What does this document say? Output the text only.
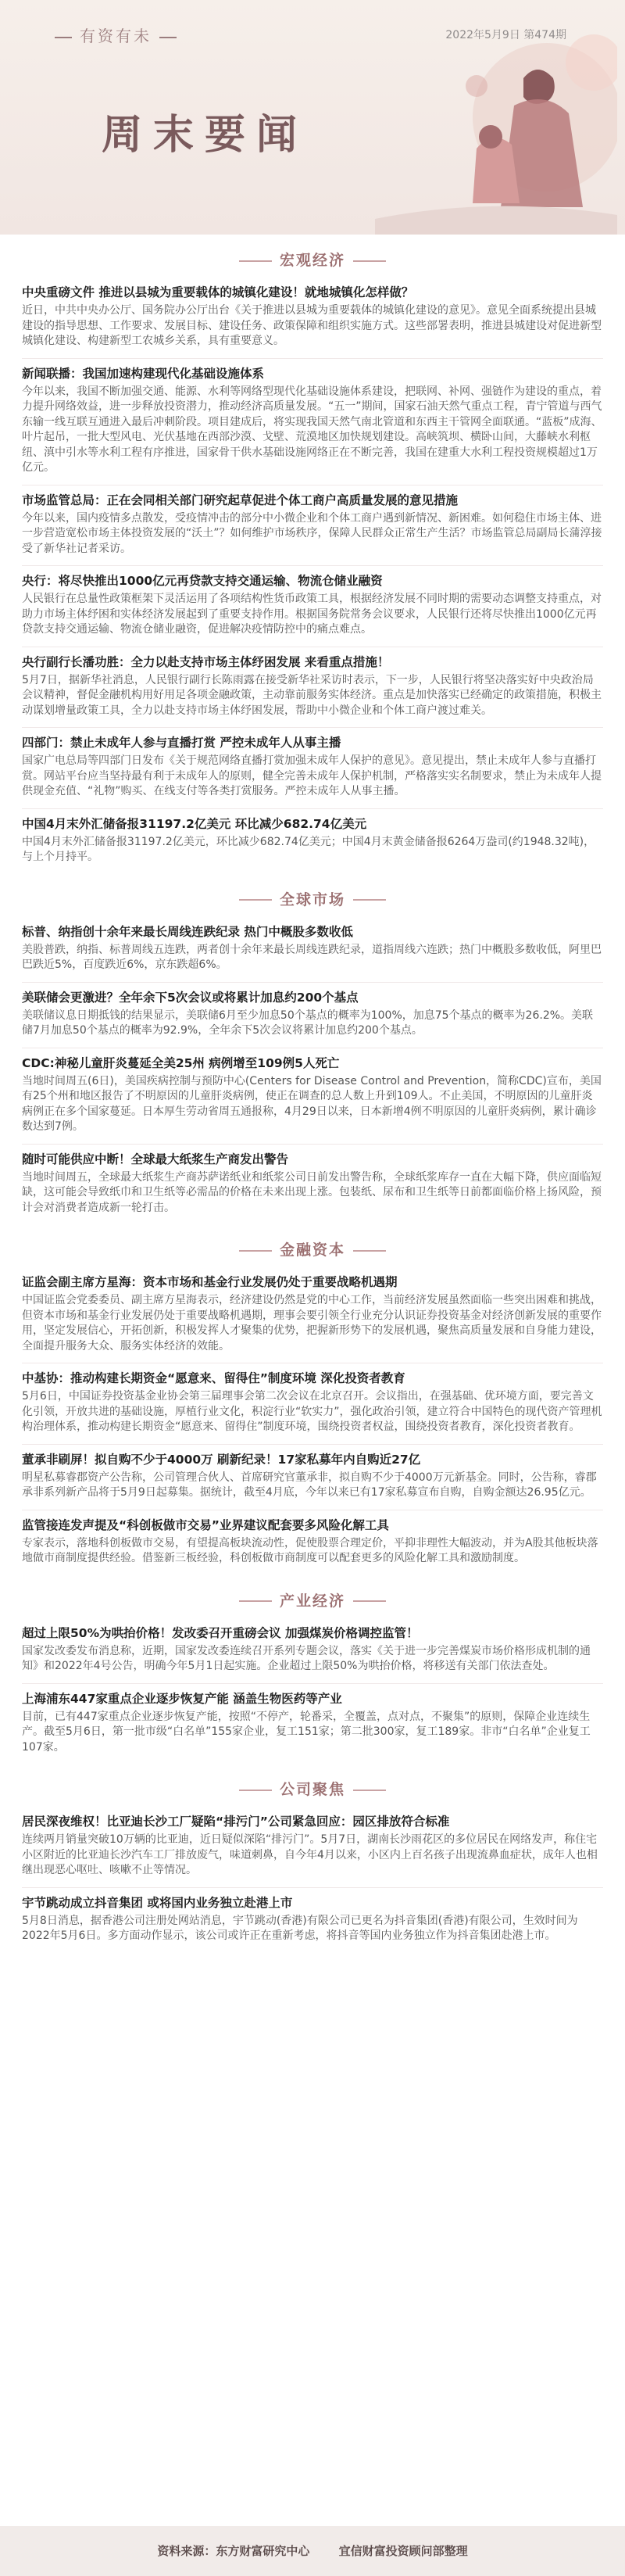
有资有未	2022年5月9日 第474期
周末要闻
宏观经济
中央重磅文件 推进以县城为重要载体的城镇化建设！就地城镇化怎样做？

近日，中共中央办公厅、国务院办公厅出台《关于推进以县城为重要载体的城镇化建设的意见》。意见全面系统提出县城建设的指导思想、工作要求、发展目标、建设任务、政策保障和组织实施方式。这些部署表明，推进县城建设对促进新型城镇化建设、构建新型工农城乡关系，具有重要意义。

新闻联播：我国加速构建现代化基础设施体系

今年以来，我国不断加强交通、能源、水利等网络型现代化基础设施体系建设，把联网、补网、强链作为建设的重点，着力提升网络效益，进一步释放投资潜力，推动经济高质量发展。“五一”期间，国家石油天然气重点工程，青宁管道与西气东输一线互联互通进入最后冲刺阶段。项目建成后，将实现我国天然气南北管道和东西主干管网全面联通。“蓝板”成海、叶片起吊，一批大型风电、光伏基地在西部沙漠、戈壁、荒漠地区加快规划建设。高峡筑坝、横卧山间，大藤峡水利枢纽、滇中引水等水利工程有序推进，国家骨干供水基础设施网络正在不断完善，我国在建重大水利工程投资规模超过1万亿元。

市场监管总局：正在会同相关部门研究起草促进个体工商户高质量发展的意见措施

今年以来，国内疫情多点散发，受疫情冲击的部分中小微企业和个体工商户遇到新情况、新困难。如何稳住市场主体、进一步营造宽松市场主体投资发展的“沃土”？如何维护市场秩序，保障人民群众正常生产生活？市场监管总局副局长蒲淳接受了新华社记者采访。

央行：将尽快推出1000亿元再贷款支持交通运输、物流仓储业融资

人民银行在总量性政策框架下灵活运用了各项结构性货币政策工具，根据经济发展不同时期的需要动态调整支持重点，对助力市场主体纾困和实体经济发展起到了重要支持作用。根据国务院常务会议要求，人民银行还将尽快推出1000亿元再贷款支持交通运输、物流仓储业融资，促进解决疫情防控中的痛点难点。

央行副行长潘功胜：全力以赴支持市场主体纾困发展 来看重点措施！

5月7日，据新华社消息，人民银行副行长陈雨露在接受新华社采访时表示，下一步，人民银行将坚决落实好中央政治局会议精神，督促金融机构用好用足各项金融政策，主动靠前服务实体经济。重点是加快落实已经确定的政策措施，积极主动谋划增量政策工具，全力以赴支持市场主体纾困发展，帮助中小微企业和个体工商户渡过难关。

四部门：禁止未成年人参与直播打赏 严控未成年人从事主播

国家广电总局等四部门日发布《关于规范网络直播打赏加强未成年人保护的意见》。意见提出，禁止未成年人参与直播打赏。网站平台应当坚持最有利于未成年人的原则，健全完善未成年人保护机制，严格落实实名制要求，禁止为未成年人提供现金充值、“礼物”购买、在线支付等各类打赏服务。严控未成年人从事主播。

中国4月末外汇储备报31197.2亿美元 环比减少682.74亿美元

中国4月末外汇储备报31197.2亿美元，环比减少682.74亿美元；中国4月末黄金储备报6264万盎司(约1948.32吨)，与上个月持平。

全球市场
标普、纳指创十余年来最长周线连跌纪录 热门中概股多数收低

美股普跌，纳指、标普周线五连跌，两者创十余年来最长周线连跌纪录，道指周线六连跌；热门中概股多数收低，阿里巴巴跌近5%，百度跌近6%，京东跌超6%。

美联储会更激进？全年余下5次会议或将累计加息约200个基点

美联储议息日期抵钱的结果显示，美联储6月至少加息50个基点的概率为100%，加息75个基点的概率为26.2%。美联储7月加息50个基点的概率为92.9%，全年余下5次会议将累计加息约200个基点。

CDC:神秘儿童肝炎蔓延全美25州 病例增至109例5人死亡

当地时间周五(6日)，美国疾病控制与预防中心(Centers for Disease Control and Prevention，简称CDC)宣布，美国有25个州和地区报告了不明原因的儿童肝炎病例，使正在调查的总人数上升到109人。不止美国，不明原因的儿童肝炎病例正在多个国家蔓延。日本厚生劳动省周五通报称，4月29日以来，日本新增4例不明原因的儿童肝炎病例，累计确诊数达到7例。

随时可能供应中断！全球最大纸浆生产商发出警告

当地时间周五，全球最大纸浆生产商苏萨诺纸业和纸浆公司日前发出警告称，全球纸浆库存一直在大幅下降，供应面临短缺，这可能会导致纸巾和卫生纸等必需品的价格在未来出现上涨。包装纸、尿布和卫生纸等日前都面临价格上扬风险，预计会对消费者造成新一轮打击。

金融资本
证监会副主席方星海：资本市场和基金行业发展仍处于重要战略机遇期

中国证监会党委委员、副主席方星海表示，经济建设仍然是党的中心工作，当前经济发展虽然面临一些突出困难和挑战，但资本市场和基金行业发展仍处于重要战略机遇期，理事会要引领全行业充分认识证券投资基金对经济创新发展的重要作用，坚定发展信心，开拓创新，积极发挥人才聚集的优势，把握新形势下的发展机遇，聚焦高质量发展和自身能力建设，全面提升服务大众、服务实体经济的效能。

中基协：推动构建长期资金“愿意来、留得住”制度环境 深化投资者教育

5月6日，中国证券投资基金业协会第三届理事会第二次会议在北京召开。会议指出，在强基础、优环境方面，要完善文化引领，开放共进的基础设施，厚植行业文化，积淀行业“软实力”，强化政治引领，建立符合中国特色的现代资产管理机构治理体系，推动构建长期资金“愿意来、留得住”制度环境，围绕投资者权益，围绕投资者教育，深化投资者教育。

董承非刷屏！拟自购不少于4000万 刷新纪录！17家私募年内自购近27亿

明星私募睿郡资产公告称，公司管理合伙人、首席研究官董承非，拟自购不少于4000万元新基金。同时，公告称，睿郡承非系列新产品将于5月9日起募集。据统计，截至4月底，今年以来已有17家私募宣布自购，自购金额达26.95亿元。

监管接连发声提及“科创板做市交易”业界建议配套要多风险化解工具

专家表示，落地科创板做市交易，有望提高板块流动性，促使股票合理定价，平抑非理性大幅波动，并为A股其他板块落地做市商制度提供经验。借鉴新三板经验，科创板做市商制度可以配套更多的风险化解工具和激励制度。

产业经济
超过上限50%为哄抬价格！发改委召开重磅会议 加强煤炭价格调控监管！

国家发改委发布消息称，近期，国家发改委连续召开系列专题会议，落实《关于进一步完善煤炭市场价格形成机制的通知》和2022年4号公告，明确今年5月1日起实施。企业超过上限50%为哄抬价格，将移送有关部门依法查处。

上海浦东447家重点企业逐步恢复产能 涵盖生物医药等产业

目前，已有447家重点企业逐步恢复产能，按照“不停产，轮番采，全覆盖，点对点，不聚集”的原则，保障企业连续生产。截至5月6日，第一批市级“白名单”155家企业，复工151家；第二批300家，复工189家。非市“白名单”企业复工107家。

公司聚焦
居民深夜维权！比亚迪长沙工厂疑陷“排污门”公司紧急回应：园区排放符合标准

连续两月销量突破10万辆的比亚迪，近日疑似深陷“排污门”。5月7日，湖南长沙雨花区的多位居民在网络发声，称住宅小区附近的比亚迪长沙汽车工厂排放废气，味道刺鼻，自今年4月以来，小区内上百名孩子出现流鼻血症状，成年人也相继出现恶心呕吐、咳嗽不止等情况。

宇节跳动成立抖音集团 或将国内业务独立赴港上市

5月8日消息，据香港公司注册处网站消息，宇节跳动(香港)有限公司已更名为抖音集团(香港)有限公司，生效时间为2022年5月6日。多方面动作显示，该公司或许正在重新考虑，将抖音等国内业务独立作为抖音集团赴港上市。

资料来源：东方财富研究中心 宜信财富投资顾问部整理
